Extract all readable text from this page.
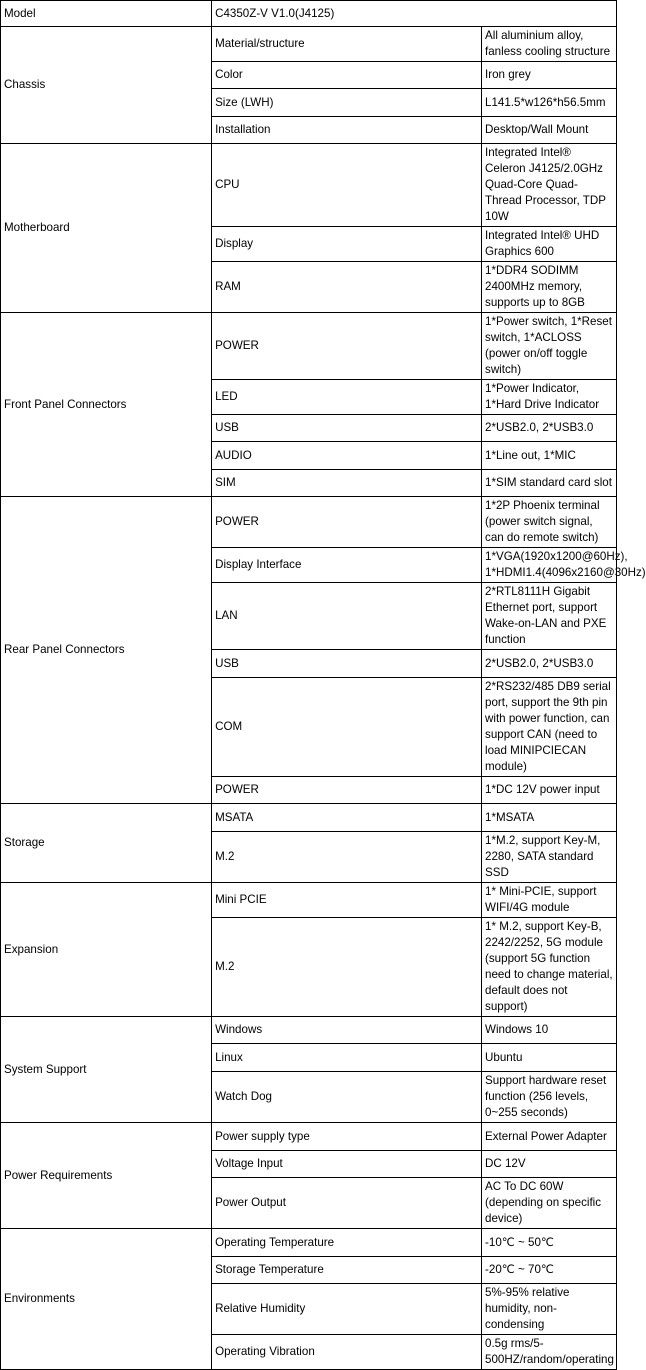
Model	C4350Z-V V1.0(J4125)	
Chassis	Material/structure	All aluminium alloy, fanless cooling structure
	Color	Iron grey
	Size (LWH)	L141.5*w126*h56.5mm
	Installation	Desktop/Wall Mount
Motherboard	CPU	Integrated Intel® Celeron J4125/2.0GHz Quad-Core Quad-Thread Processor, TDP 10W
	Display	Integrated Intel® UHD Graphics 600
	RAM	1*DDR4 SODIMM 2400MHz memory, supports up to 8GB
Front Panel Connectors	POWER	1*Power switch, 1*Reset switch, 1*ACLOSS (power on/off toggle switch)
	LED	1*Power Indicator, 1*Hard Drive Indicator
	USB	2*USB2.0, 2*USB3.0
	AUDIO	1*Line out, 1*MIC
	SIM	1*SIM standard card slot
Rear Panel Connectors	POWER	1*2P Phoenix terminal (power switch signal, can do remote switch)
	Display Interface	1*VGA(1920x1200@60Hz), 1*HDMI1.4(4096x2160@30Hz)
	LAN	2*RTL8111H Gigabit Ethernet port, support Wake-on-LAN and PXE function
	USB	2*USB2.0, 2*USB3.0
	COM	2*RS232/485 DB9 serial port, support the 9th pin with power function, can support CAN (need to load MINIPCIECAN module)
	POWER	1*DC 12V power input
Storage	MSATA	1*MSATA
	M.2	1*M.2, support Key-M, 2280, SATA standard SSD
Expansion	Mini PCIE	1* Mini-PCIE, support WIFI/4G module
	M.2	1* M.2, support Key-B, 2242/2252, 5G module (support 5G function need to change material, default does not support)
System Support	Windows	Windows 10
	Linux	Ubuntu
	Watch Dog	Support hardware reset function (256 levels, 0~255 seconds)
Power Requirements	Power supply type	External Power Adapter
	Voltage Input	DC 12V
	Power Output	AC To DC 60W (depending on specific device)
Environments	Operating Temperature	-10℃ ~ 50℃
	Storage Temperature	-20℃ ~ 70℃
	Relative Humidity	5%-95% relative humidity, non-condensing
	Operating Vibration	0.5g rms/5-500HZ/random/operating
